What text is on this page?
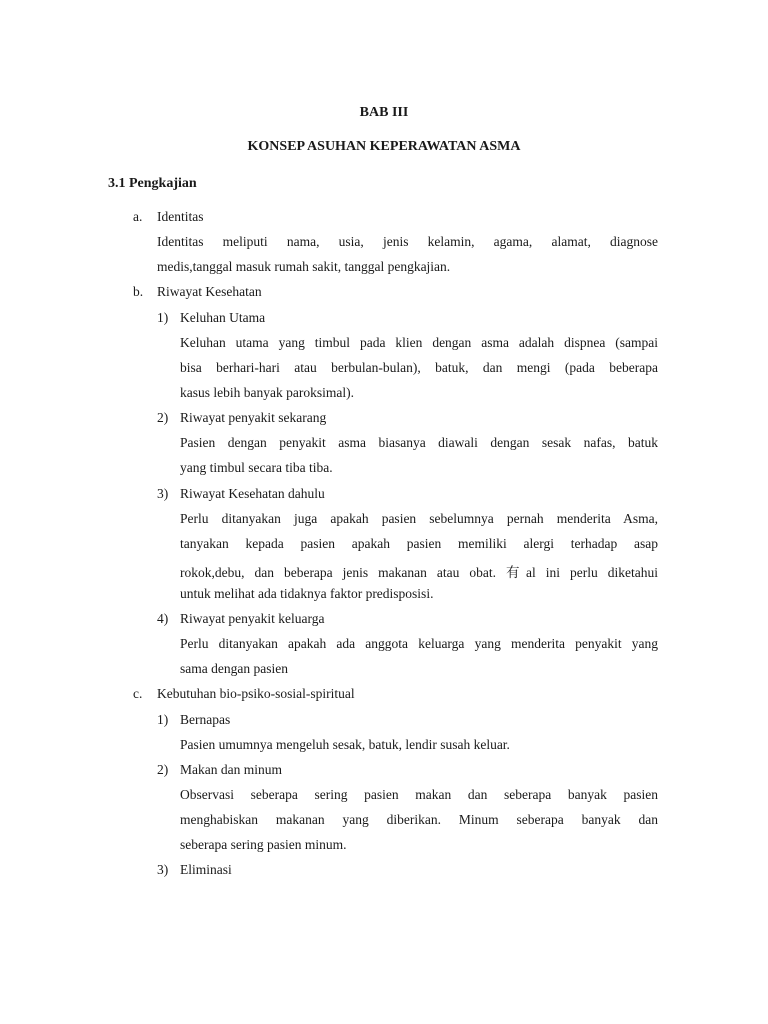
BAB III
KONSEP ASUHAN KEPERAWATAN ASMA
3.1 Pengkajian
a. Identitas
Identitas meliputi nama, usia, jenis kelamin, agama, alamat, diagnose
medis,tanggal masuk rumah sakit, tanggal pengkajian.
b. Riwayat Kesehatan
1) Keluhan Utama
Keluhan utama yang timbul pada klien dengan asma adalah dispnea (sampai
bisa berhari-hari atau berbulan-bulan), batuk, dan mengi (pada beberapa
kasus lebih banyak paroksimal).
2) Riwayat penyakit sekarang
Pasien dengan penyakit asma biasanya diawali dengan sesak nafas, batuk
yang timbul secara tiba tiba.
3) Riwayat Kesehatan dahulu
Perlu ditanyakan juga apakah pasien sebelumnya pernah menderita Asma,
tanyakan kepada pasien apakah pasien memiliki alergi terhadap asap
rokok,debu, dan beberapa jenis makanan atau obat. 有al ini perlu diketahui
untuk melihat ada tidaknya faktor predisposisi.
4) Riwayat penyakit keluarga
Perlu ditanyakan apakah ada anggota keluarga yang menderita penyakit yang
sama dengan pasien
c. Kebutuhan bio-psiko-sosial-spiritual
1) Bernapas
Pasien umumnya mengeluh sesak, batuk, lendir susah keluar.
2) Makan dan minum
Observasi seberapa sering pasien makan dan seberapa banyak pasien
menghabiskan makanan yang diberikan. Minum seberapa banyak dan
seberapa sering pasien minum.
3) Eliminasi
